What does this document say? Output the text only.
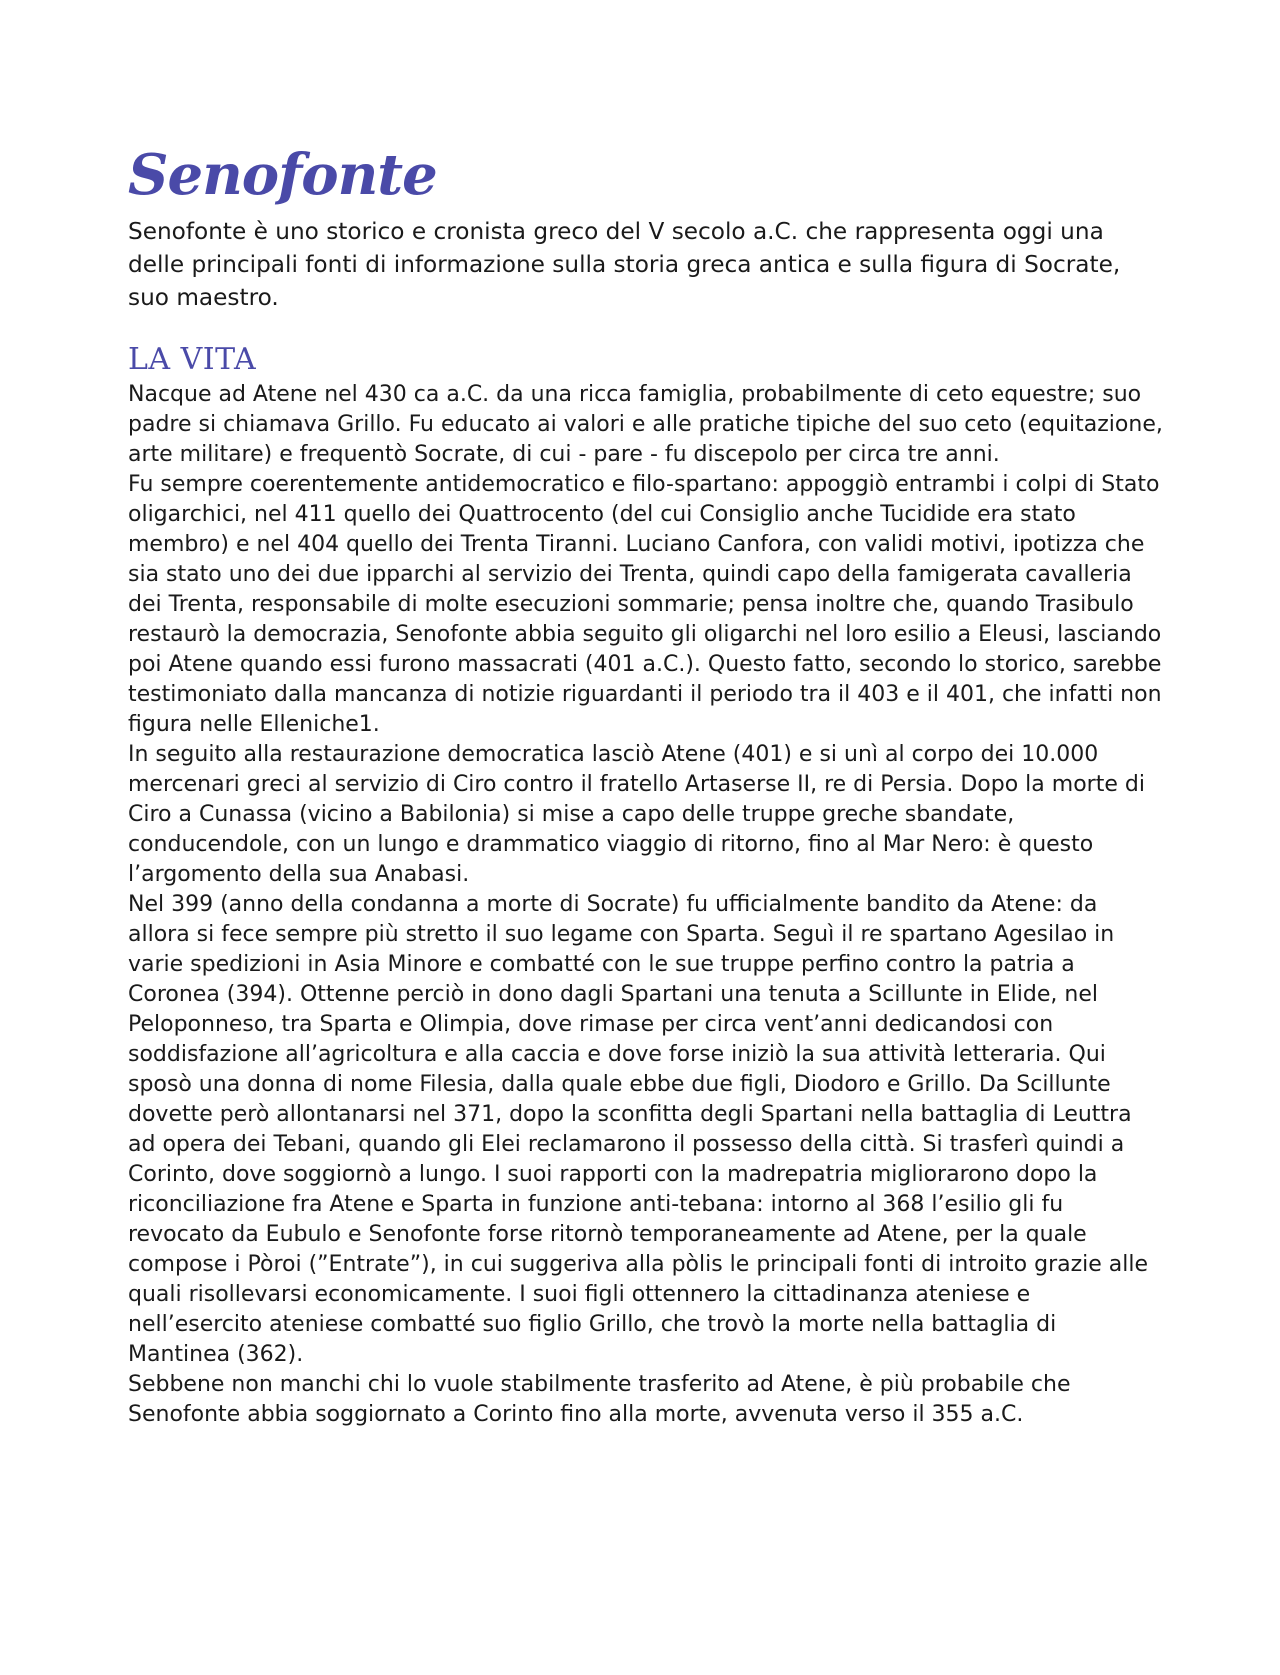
Senofonte

Senofonte è uno storico e cronista greco del V secolo a.C. che rappresenta oggi una delle principali fonti di informazione sulla storia greca antica e sulla figura di Socrate, suo maestro.

LA VITA

Nacque ad Atene nel 430 ca a.C. da una ricca famiglia, probabilmente di ceto equestre; suo padre si chiamava Grillo. Fu educato ai valori e alle pratiche tipiche del suo ceto (equitazione, arte militare) e frequentò Socrate, di cui - pare - fu discepolo per circa tre anni.

Fu sempre coerentemente antidemocratico e filo-spartano: appoggiò entrambi i colpi di Stato oligarchici, nel 411 quello dei Quattrocento (del cui Consiglio anche Tucidide era stato membro) e nel 404 quello dei Trenta Tiranni. Luciano Canfora, con validi motivi, ipotizza che sia stato uno dei due ipparchi al servizio dei Trenta, quindi capo della famigerata cavalleria dei Trenta, responsabile di molte esecuzioni sommarie; pensa inoltre che, quando Trasibulo restaurò la democrazia, Senofonte abbia seguito gli oligarchi nel loro esilio a Eleusi, lasciando poi Atene quando essi furono massacrati (401 a.C.). Questo fatto, secondo lo storico, sarebbe testimoniato dalla mancanza di notizie riguardanti il periodo tra il 403 e il 401, che infatti non figura nelle Elleniche1.

In seguito alla restaurazione democratica lasciò Atene (401) e si unì al corpo dei 10.000 mercenari greci al servizio di Ciro contro il fratello Artaserse II, re di Persia. Dopo la morte di Ciro a Cunassa (vicino a Babilonia) si mise a capo delle truppe greche sbandate, conducendole, con un lungo e drammatico viaggio di ritorno, fino al Mar Nero: è questo l’argomento della sua Anabasi.

Nel 399 (anno della condanna a morte di Socrate) fu ufficialmente bandito da Atene: da allora si fece sempre più stretto il suo legame con Sparta. Seguì il re spartano Agesilao in varie spedizioni in Asia Minore e combatté con le sue truppe perfino contro la patria a Coronea (394). Ottenne perciò in dono dagli Spartani una tenuta a Scillunte in Elide, nel Peloponneso, tra Sparta e Olimpia, dove rimase per circa vent’anni dedicandosi con soddisfazione all’agricoltura e alla caccia e dove forse iniziò la sua attività letteraria. Qui sposò una donna di nome Filesia, dalla quale ebbe due figli, Diodoro e Grillo. Da Scillunte dovette però allontanarsi nel 371, dopo la sconfitta degli Spartani nella battaglia di Leuttra ad opera dei Tebani, quando gli Elei reclamarono il possesso della città. Si trasferì quindi a Corinto, dove soggiornò a lungo. I suoi rapporti con la madrepatria migliorarono dopo la riconciliazione fra Atene e Sparta in funzione anti-tebana: intorno al 368 l’esilio gli fu revocato da Eubulo e Senofonte forse ritornò temporaneamente ad Atene, per la quale compose i Pòroi (”Entrate”), in cui suggeriva alla pòlis le principali fonti di introito grazie alle quali risollevarsi economicamente. I suoi figli ottennero la cittadinanza ateniese e nell’esercito ateniese combatté suo figlio Grillo, che trovò la morte nella battaglia di Mantinea (362).

Sebbene non manchi chi lo vuole stabilmente trasferito ad Atene, è più probabile che Senofonte abbia soggiornato a Corinto fino alla morte, avvenuta verso il 355 a.C.
